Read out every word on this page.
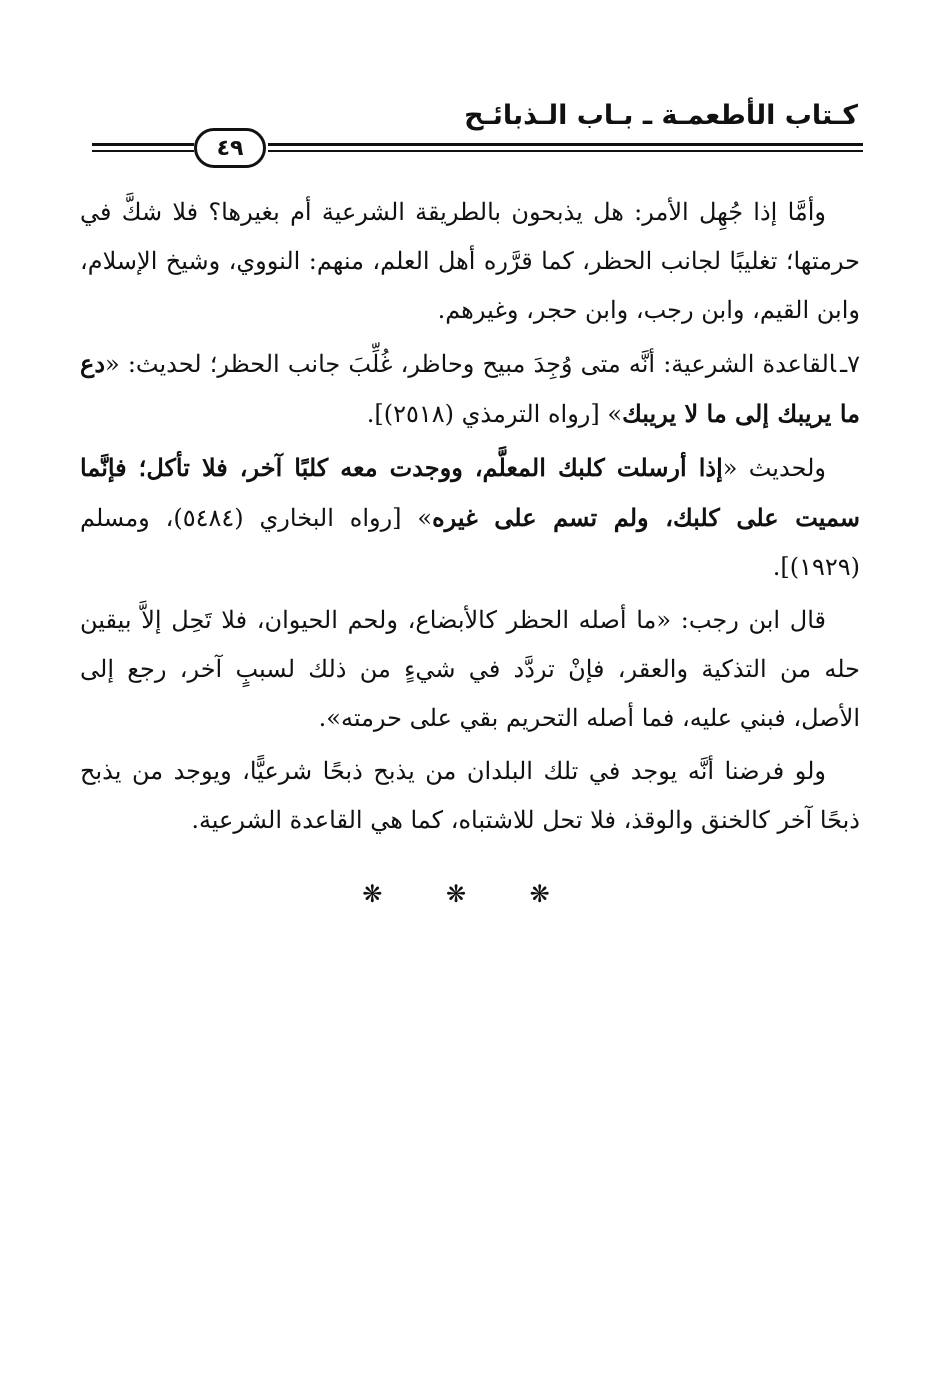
كـتاب الأطعمـة ـ بـاب الـذبائـح
٤٩

وأمَّا إذا جُهِل الأمر: هل يذبحون بالطريقة الشرعية أم بغيرها؟ فلا شكَّ في حرمتها؛ تغليبًا لجانب الحظر، كما قرَّره أهل العلم، منهم: النووي، وشيخ الإسلام، وابن القيم، وابن رجب، وابن حجر، وغيرهم.

٧ـالقاعدة الشرعية: أنَّه متى وُجِدَ مبيح وحاظر، غُلِّبَ جانب الحظر؛ لحديث: «دع ما يريبك إلى ما لا يريبك» [رواه الترمذي (٢٥١٨)].

ولحديث «إذا أرسلت كلبك المعلَّم، ووجدت معه كلبًا آخر، فلا تأكل؛ فإنَّما سميت على كلبك، ولم تسم على غيره» [رواه البخاري (٥٤٨٤)، ومسلم (١٩٢٩)].

قال ابن رجب: «ما أصله الحظر كالأبضاع، ولحم الحيوان، فلا تَحِل إلاَّ بيقين حله من التذكية والعقر، فإنْ تردَّد في شيءٍ من ذلك لسببٍ آخر، رجع إلى الأصل، فبني عليه، فما أصله التحريم بقي على حرمته».

ولو فرضنا أنَّه يوجد في تلك البلدان من يذبح ذبحًا شرعيًّا، ويوجد من يذبح ذبحًا آخر كالخنق والوقذ، فلا تحل للاشتباه، كما هي القاعدة الشرعية.

❋ ❋ ❋
